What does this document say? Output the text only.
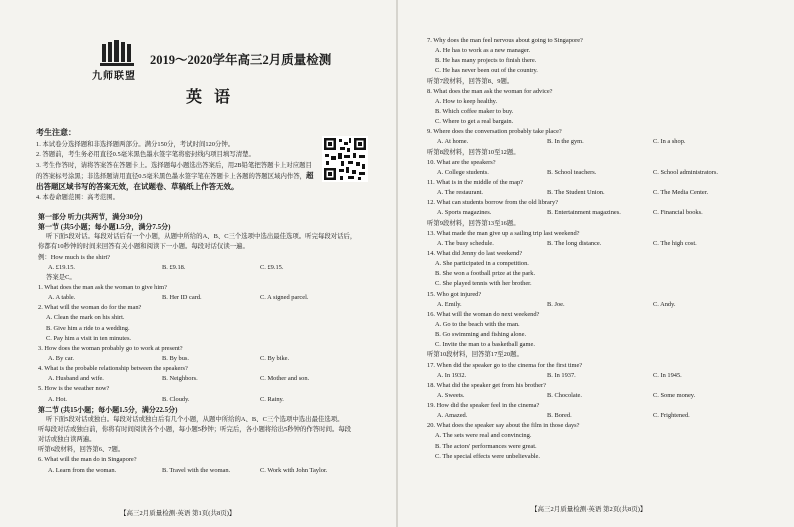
九师联盟
2019～2020学年高三2月质量检测
英语
考生注意：

1. 本试卷分选择题和非选择题两部分。满分150分，考试时间120分钟。

2. 答题前，考生务必用直径0.5毫米黑色墨水签字笔将密封线内项目填写清楚。

3. 考生作答时，请将答案答在答题卡上。选择题每小题选出答案后，用2B铅笔把答题卡上对应题目的答案标号涂黑；非选择题请用直径0.5毫米黑色墨水签字笔在答题卡上各题的答题区域内作答，超出答题区域书写的答案无效，在试题卷、草稿纸上作答无效。

4. 本卷命题范围：高考范围。

第一部分 听力(共两节，满分30分)
第一节 (共5小题；每小题1.5分，满分7.5分)
听下面5段对话。每段对话后有一个小题，从题中所给的A、B、C三个选项中选出最佳选项。听完每段对话后，
你都有10秒钟的时间来回答有关小题和阅读下一小题。每段对话仅读一遍。
例：How much is the shirt?
A. £19.15.	B. £9.18.	C. £9.15.
答案是C。
1. What does the man ask the woman to give him?
A. A table.	B. Her ID card.	C. A signed parcel.
2. What will the woman do for the man?
A. Clean the mark on his shirt.
B. Give him a ride to a wedding.
C. Pay him a visit in ten minutes.
3. How does the woman probably go to work at present?
A. By car.	B. By bus.	C. By bike.
4. What is the probable relationship between the speakers?
A. Husband and wife.	B. Neighbors.	C. Mother and son.
5. How is the weather now?
A. Hot.	B. Cloudy.	C. Rainy.
第二节 (共15小题；每小题1.5分，满分22.5分)
听下面5段对话或独白。每段对话或独白后有几个小题，从题中所给的A、B、C三个选项中选出最佳选项。
听每段对话或独白前，你将有时间阅读各个小题，每小题5秒钟；听完后，各小题将给出5秒钟的作答时间。每段
对话或独白读两遍。
听第6段材料，回答第6、7题。
6. What will the man do in Singapore?
A. Learn from the woman.	B. Travel with the woman.	C. Work with John Taylor.
【高三2月质量检测·英语 第1页(共8页)】
7. Why does the man feel nervous about going to Singapore?
A. He has to work as a new manager.
B. He has many projects to finish there.
C. He has never been out of the country.
听第7段材料，回答第8、9题。
8. What does the man ask the woman for advice?
A. How to keep healthy.
B. Which coffee maker to buy.
C. Where to get a real bargain.
9. Where does the conversation probably take place?
A. At home.	B. In the gym.	C. In a shop.
听第8段材料，回答第10至12题。
10. What are the speakers?
A. College students.	B. School teachers.	C. School administrators.
11. What is in the middle of the map?
A. The restaurant.	B. The Student Union.	C. The Media Center.
12. What can students borrow from the old library?
A. Sports magazines.	B. Entertainment magazines.	C. Financial books.
听第9段材料，回答第13至16题。
13. What made the man give up a sailing trip last weekend?
A. The busy schedule.	B. The long distance.	C. The high cost.
14. What did Jenny do last weekend?
A. She participated in a competition.
B. She won a football prize at the park.
C. She played tennis with her brother.
15. Who got injured?
A. Emily.	B. Joe.	C. Andy.
16. What will the woman do next weekend?
A. Go to the beach with the man.
B. Go swimming and fishing alone.
C. Invite the man to a basketball game.
听第10段材料，回答第17至20题。
17. When did the speaker go to the cinema for the first time?
A. In 1932.	B. In 1937.	C. In 1945.
18. What did the speaker get from his brother?
A. Sweets.	B. Chocolate.	C. Some money.
19. How did the speaker feel in the cinema?
A. Amazed.	B. Bored.	C. Frightened.
20. What does the speaker say about the film in those days?
A. The sets were real and convincing.
B. The actors' performances were great.
C. The special effects were unbelievable.
【高三2月质量检测·英语 第2页(共8页)】
